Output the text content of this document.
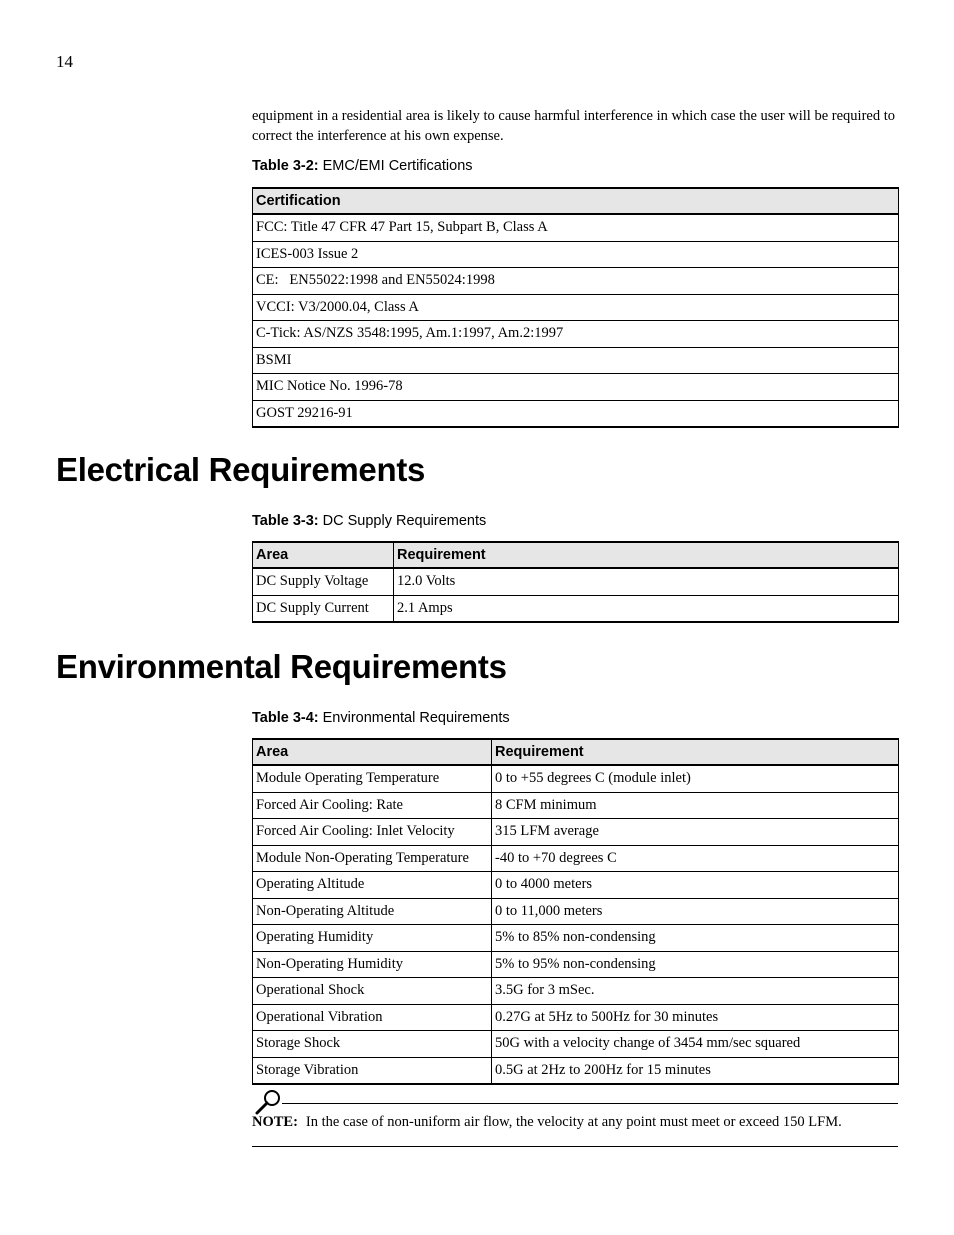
14
equipment in a residential area is likely to cause harmful interference in which case the user will be required to correct the interference at his own expense.
Table 3-2: EMC/EMI Certifications
Certification
FCC: Title 47 CFR 47 Part 15, Subpart B, Class A
ICES-003 Issue 2
CE:   EN55022:1998 and EN55024:1998
VCCI: V3/2000.04, Class A
C-Tick: AS/NZS 3548:1995, Am.1:1997, Am.2:1997
BSMI
MIC Notice No. 1996-78
GOST 29216-91
Electrical Requirements
Table 3-3: DC Supply Requirements
Area	Requirement
DC Supply Voltage	12.0 Volts
DC Supply Current	2.1 Amps
Environmental Requirements
Table 3-4: Environmental Requirements
Area	Requirement
Module Operating Temperature	0 to +55 degrees C (module inlet)
Forced Air Cooling: Rate	8 CFM minimum
Forced Air Cooling: Inlet Velocity	315 LFM average
Module Non-Operating Temperature	-40 to +70 degrees C
Operating Altitude	0 to 4000 meters
Non-Operating Altitude	0 to 11,000 meters
Operating Humidity	5% to 85% non-condensing
Non-Operating Humidity	5% to 95% non-condensing
Operational Shock	3.5G for 3 mSec.
Operational Vibration	0.27G at 5Hz to 500Hz for 30 minutes
Storage Shock	50G with a velocity change of 3454 mm/sec squared
Storage Vibration	0.5G at 2Hz to 200Hz for 15 minutes
NOTE: In the case of non-uniform air flow, the velocity at any point must meet or exceed 150 LFM.
